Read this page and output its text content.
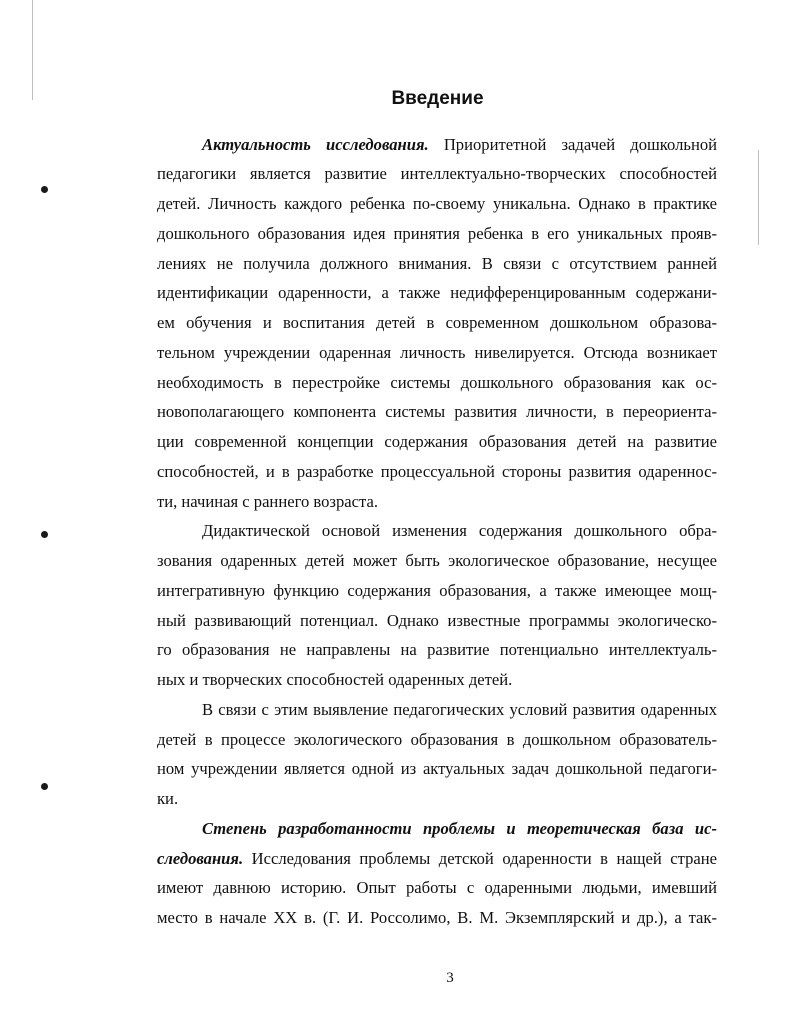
Введение
Актуальность исследования. Приоритетной задачей дошкольной
педагогики является развитие интеллектуально-творческих способностей
детей. Личность каждого ребенка по-своему уникальна. Однако в практике
дошкольного образования идея принятия ребенка в его уникальных прояв-
лениях не получила должного внимания. В связи с отсутствием ранней
идентификации одаренности, а также недифференцированным содержани-
ем обучения и воспитания детей в современном дошкольном образова-
тельном учреждении одаренная личность нивелируется. Отсюда возникает
необходимость в перестройке системы дошкольного образования как ос-
новополагающего компонента системы развития личности, в переориента-
ции современной концепции содержания образования детей на развитие
способностей, и в разработке процессуальной стороны развития одареннос-
ти, начиная с раннего возраста.
Дидактической основой изменения содержания дошкольного обра-
зования одаренных детей может быть экологическое образование, несущее
интегративную функцию содержания образования, а также имеющее мощ-
ный развивающий потенциал. Однако известные программы экологическо-
го образования не направлены на развитие потенциально интеллектуаль-
ных и творческих способностей одаренных детей.
В связи с этим выявление педагогических условий развития одаренных
детей в процессе экологического образования в дошкольном образователь-
ном учреждении является одной из актуальных задач дошкольной педагоги-
ки.
Степень разработанности проблемы и теоретическая база ис-
следования. Исследования проблемы детской одаренности в нащей стране
имеют давнюю историю. Опыт работы с одаренными людьми, имевший
место в начале XX в. (Г. И. Россолимо, В. М. Экземплярский и др.), а так-
3
